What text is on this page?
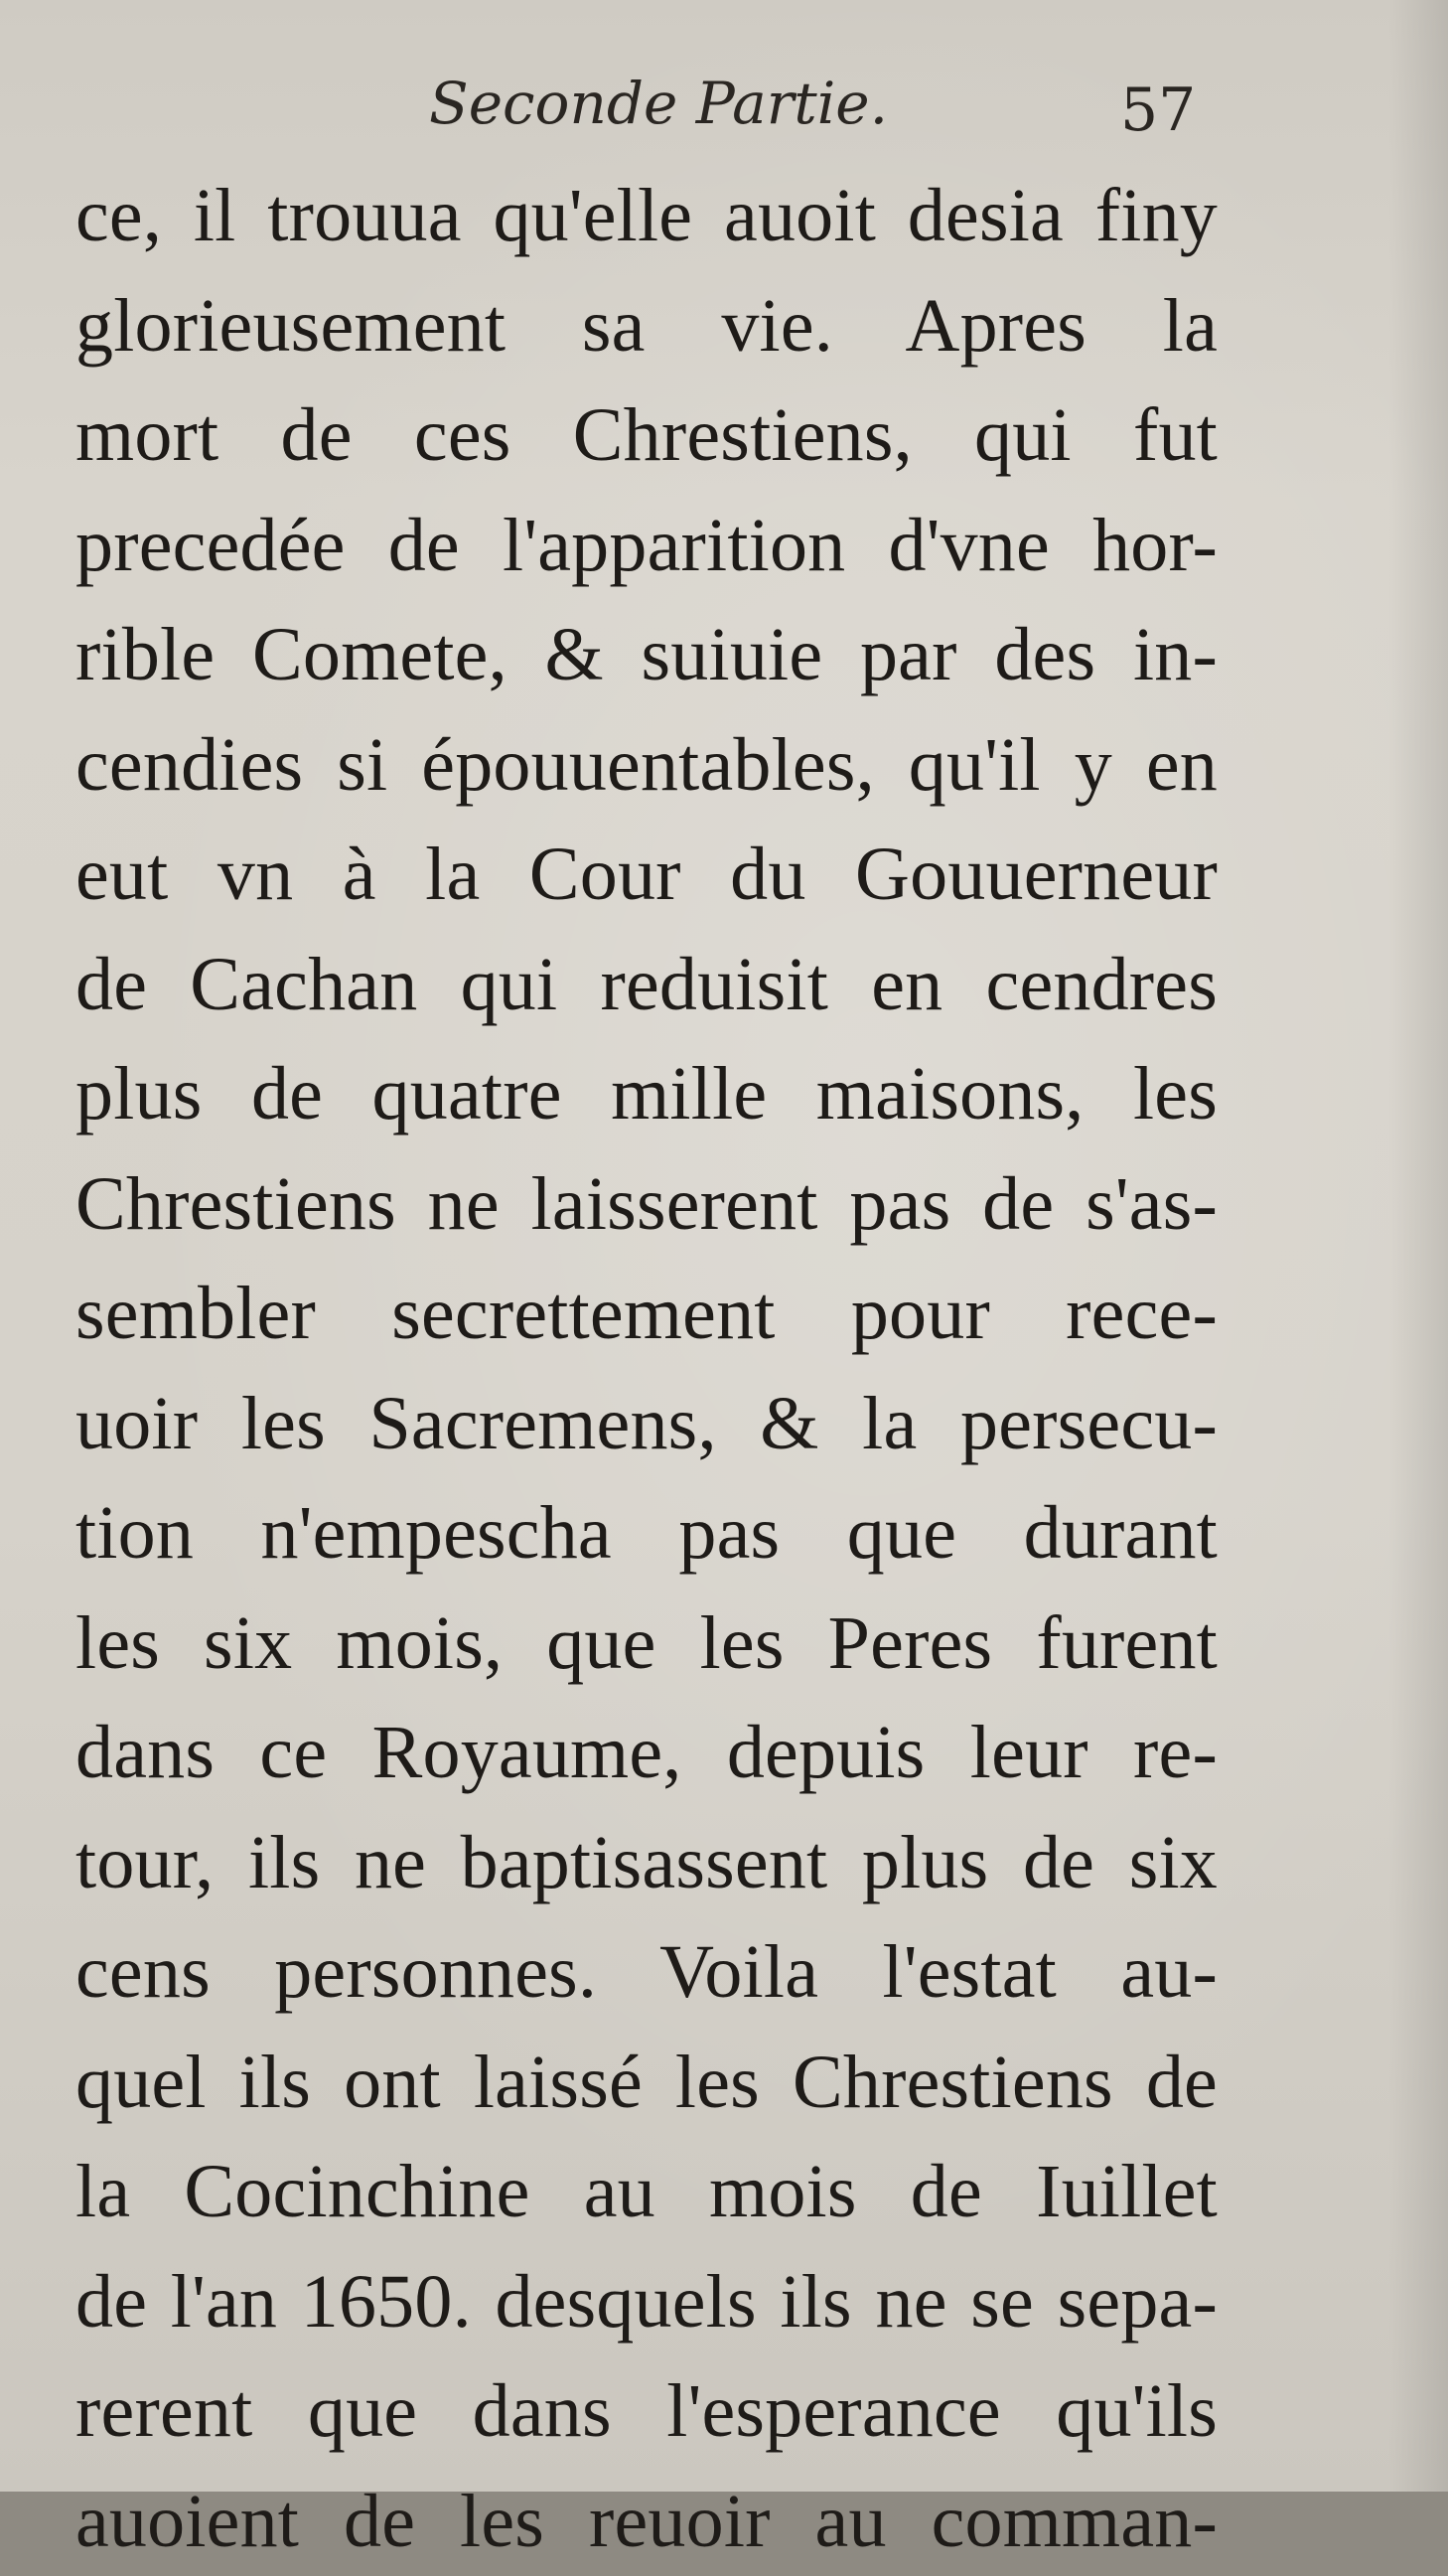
Seconde Partie.	57
ce, il trouua qu'elle auoit desia finy
glorieusement sa vie. Apres la
mort de ces Chrestiens, qui fut
precedée de l'apparition d'vne hor-
rible Comete, & suiuie par des in-
cendies si épouuentables, qu'il y en
eut vn à la Cour du Gouuerneur
de Cachan qui reduisit en cendres
plus de quatre mille maisons, les
Chrestiens ne laisserent pas de s'as-
sembler secrettement pour rece-
uoir les Sacremens, & la persecu-
tion n'empescha pas que durant
les six mois, que les Peres furent
dans ce Royaume, depuis leur re-
tour, ils ne baptisassent plus de six
cens personnes. Voila l'estat au-
quel ils ont laissé les Chrestiens de
la Cocinchine au mois de Iuillet
de l'an 1650. desquels ils ne se sepa-
rerent que dans l'esperance qu'ils
auoient de les reuoir au comman-
